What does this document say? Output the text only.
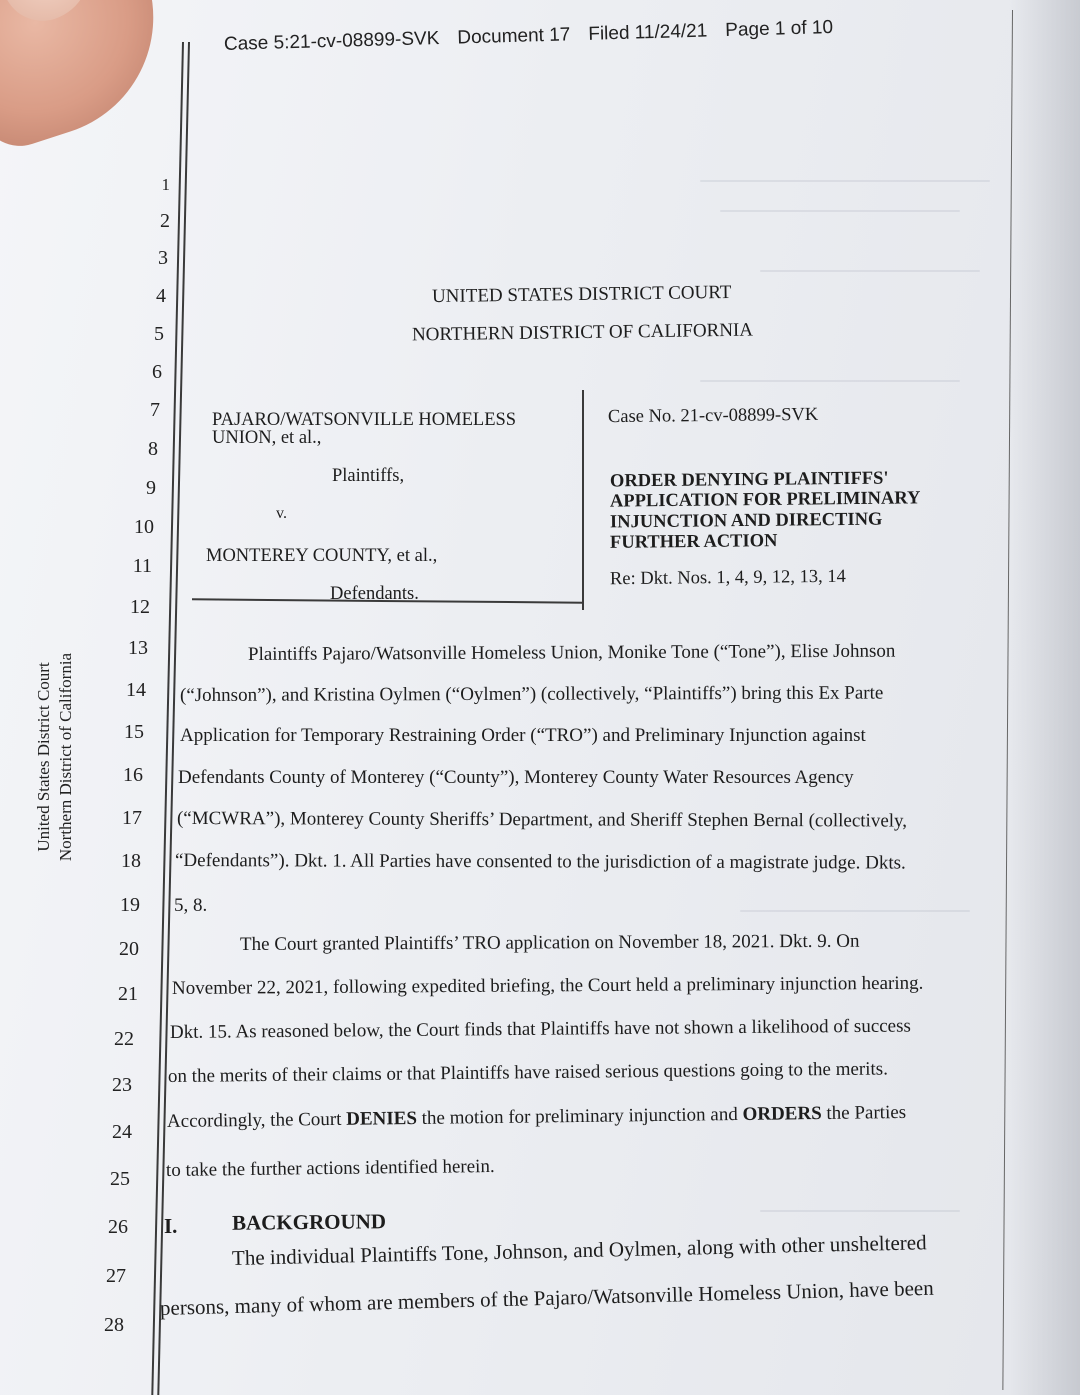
Case 5:21-cv-08899-SVK Document 17 Filed 11/24/21 Page 1 of 10
United States District Court Northern District of California
1
2
3
4
5
6
7
8
9
10
11
12
13
14
15
16
17
18
19
20
21
22
23
24
25
26
27
28
UNITED STATES DISTRICT COURT
NORTHERN DISTRICT OF CALIFORNIA
PAJARO/WATSONVILLE HOMELESS
UNION, et al.,
Plaintiffs,
v.
MONTEREY COUNTY, et al.,
Defendants.
Case No. 21-cv-08899-SVK
ORDER DENYING PLAINTIFFS'
APPLICATION FOR PRELIMINARY
INJUNCTION AND DIRECTING
FURTHER ACTION
Re: Dkt. Nos. 1, 4, 9, 12, 13, 14
Plaintiffs Pajaro/Watsonville Homeless Union, Monike Tone (“Tone”), Elise Johnson
(“Johnson”), and Kristina Oylmen (“Oylmen”) (collectively, “Plaintiffs”) bring this Ex Parte
Application for Temporary Restraining Order (“TRO”) and Preliminary Injunction against
Defendants County of Monterey (“County”), Monterey County Water Resources Agency
(“MCWRA”), Monterey County Sheriffs’ Department, and Sheriff Stephen Bernal (collectively,
“Defendants”). Dkt. 1. All Parties have consented to the jurisdiction of a magistrate judge. Dkts.
5, 8.
The Court granted Plaintiffs’ TRO application on November 18, 2021. Dkt. 9. On
November 22, 2021, following expedited briefing, the Court held a preliminary injunction hearing.
Dkt. 15. As reasoned below, the Court finds that Plaintiffs have not shown a likelihood of success
on the merits of their claims or that Plaintiffs have raised serious questions going to the merits.
Accordingly, the Court DENIES the motion for preliminary injunction and ORDERS the Parties
to take the further actions identified herein.
I.	BACKGROUND
The individual Plaintiffs Tone, Johnson, and Oylmen, along with other unsheltered
persons, many of whom are members of the Pajaro/Watsonville Homeless Union, have been
